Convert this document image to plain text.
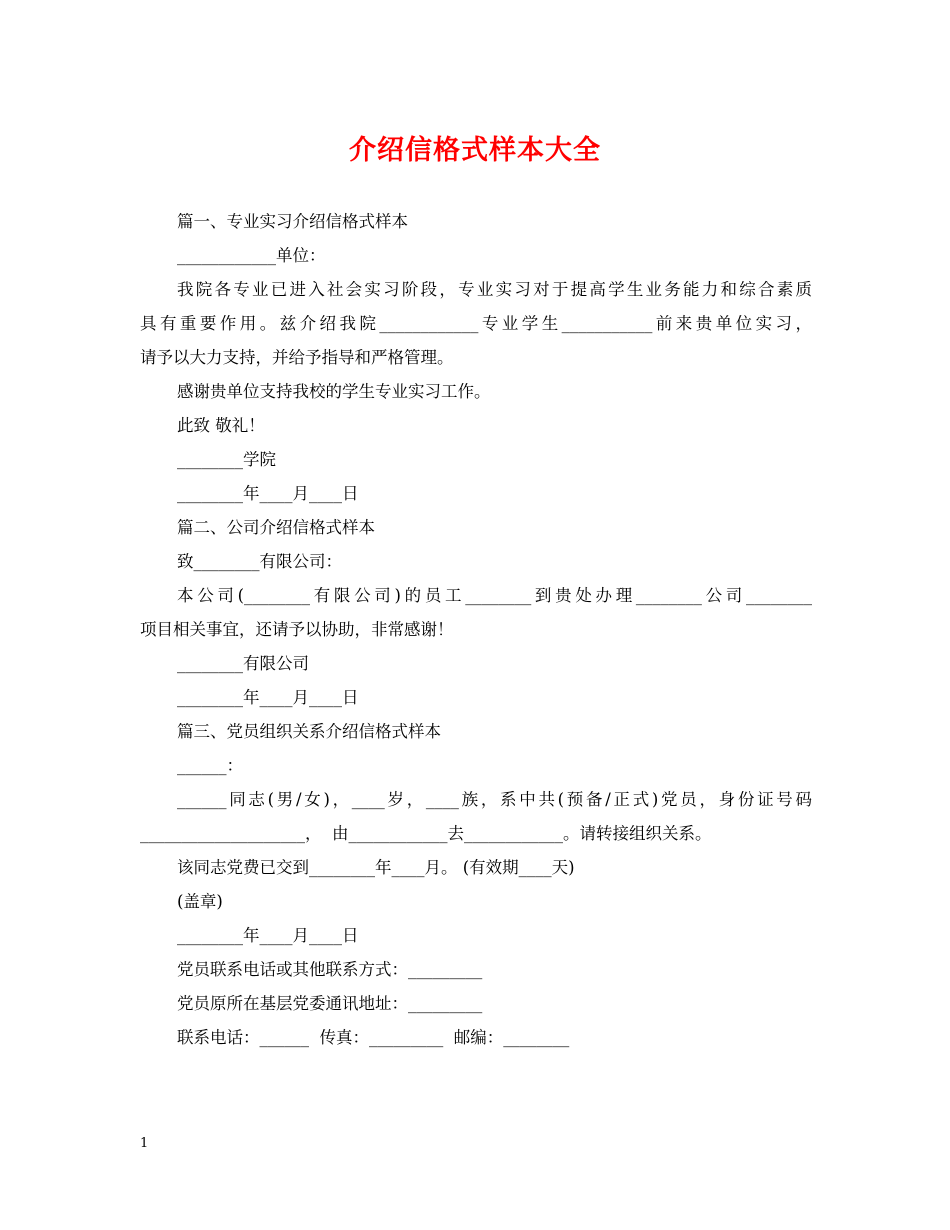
介绍信格式样本大全
篇一、专业实习介绍信格式样本
____________单位：
我院各专业已进入社会实习阶段，专业实习对于提高学生业务能力和综合素质
具有重要作用。兹介绍我院____________专业学生___________前来贵单位实习，
请予以大力支持，并给予指导和严格管理。
感谢贵单位支持我校的学生专业实习工作。
此致 敬礼！
________学院
________年____月____日
篇二、公司介绍信格式样本
致________有限公司：
本公司(________有限公司)的员工________到贵处办理________公司________
项目相关事宜，还请予以协助，非常感谢！
________有限公司
________年____月____日
篇三、党员组织关系介绍信格式样本
______：
______同志(男/女)，____岁，____族，系中共(预备/正式)党员，身份证号码
____________________，  由____________去____________。请转接组织关系。
该同志党费已交到________年____月。 (有效期____天)
(盖章)
________年____月____日
党员联系电话或其他联系方式：_________
党员原所在基层党委通讯地址：_________
联系电话：______  传真：_________  邮编：________
1
